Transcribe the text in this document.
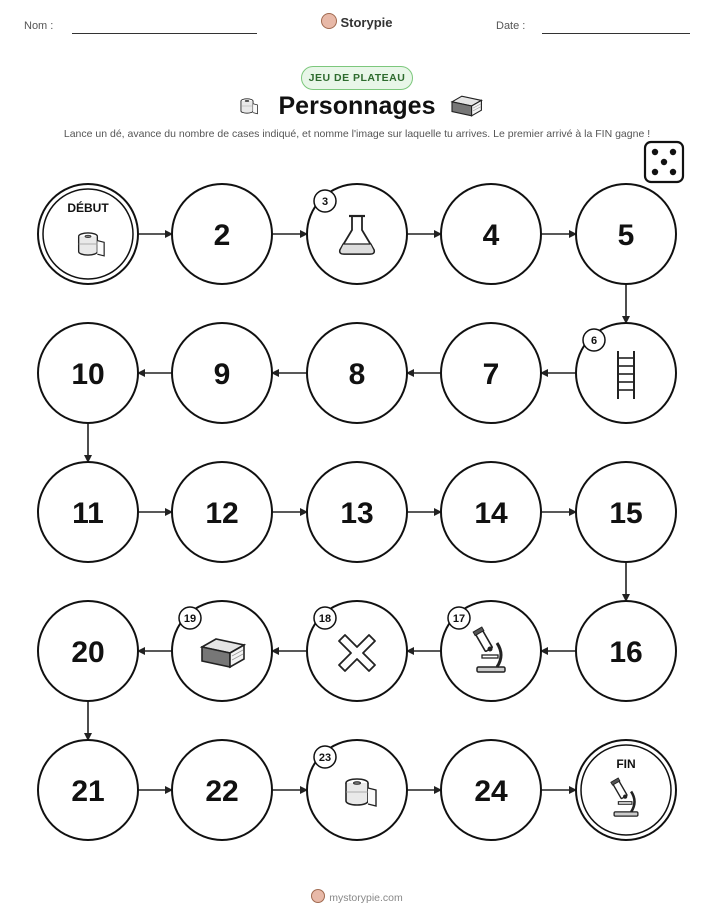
Nom :	Storypie	Date :
JEU DE PLATEAU
Personnages
Lance un dé, avance du nombre de cases indiqué, et nomme l'image sur laquelle tu arrives. Le premier arrivé à la FIN gagne !
DÉBUT
2
3
4	5
6
7
8
9
10
11	12	13	14	15
16
17
18
19
20
21	22
23
24
FIN
mystorypie.com
